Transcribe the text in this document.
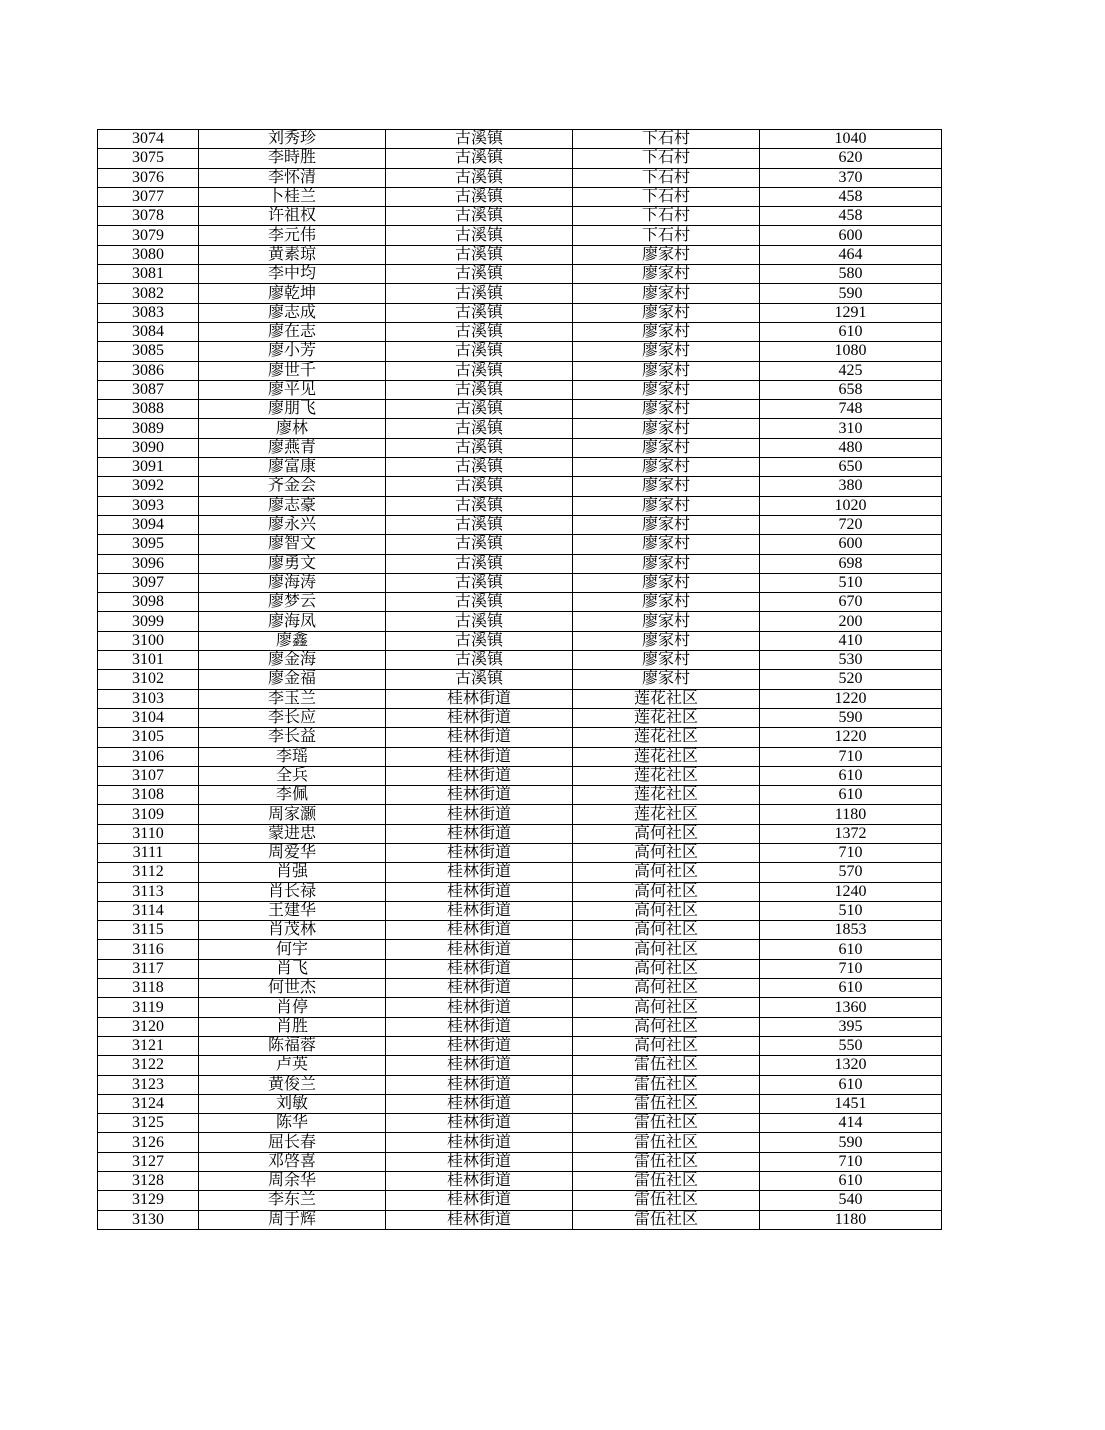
3074	刘秀珍	古溪镇	下石村	1040
3075	李時胜	古溪镇	下石村	620
3076	李怀清	古溪镇	下石村	370
3077	卜桂兰	古溪镇	下石村	458
3078	许祖权	古溪镇	下石村	458
3079	李元伟	古溪镇	下石村	600
3080	黄素琼	古溪镇	廖家村	464
3081	李中均	古溪镇	廖家村	580
3082	廖乾坤	古溪镇	廖家村	590
3083	廖志成	古溪镇	廖家村	1291
3084	廖在志	古溪镇	廖家村	610
3085	廖小芳	古溪镇	廖家村	1080
3086	廖世千	古溪镇	廖家村	425
3087	廖平见	古溪镇	廖家村	658
3088	廖朋飞	古溪镇	廖家村	748
3089	廖林	古溪镇	廖家村	310
3090	廖燕青	古溪镇	廖家村	480
3091	廖富康	古溪镇	廖家村	650
3092	齐金会	古溪镇	廖家村	380
3093	廖志豪	古溪镇	廖家村	1020
3094	廖永兴	古溪镇	廖家村	720
3095	廖智文	古溪镇	廖家村	600
3096	廖勇文	古溪镇	廖家村	698
3097	廖海涛	古溪镇	廖家村	510
3098	廖梦云	古溪镇	廖家村	670
3099	廖海凤	古溪镇	廖家村	200
3100	廖鑫	古溪镇	廖家村	410
3101	廖金海	古溪镇	廖家村	530
3102	廖金福	古溪镇	廖家村	520
3103	李玉兰	桂林街道	莲花社区	1220
3104	李长应	桂林街道	莲花社区	590
3105	李长益	桂林街道	莲花社区	1220
3106	李瑶	桂林街道	莲花社区	710
3107	全兵	桂林街道	莲花社区	610
3108	李佩	桂林街道	莲花社区	610
3109	周家灏	桂林街道	莲花社区	1180
3110	蒙进忠	桂林街道	高何社区	1372
3111	周爱华	桂林街道	高何社区	710
3112	肖强	桂林街道	高何社区	570
3113	肖长禄	桂林街道	高何社区	1240
3114	王建华	桂林街道	高何社区	510
3115	肖茂林	桂林街道	高何社区	1853
3116	何宇	桂林街道	高何社区	610
3117	肖飞	桂林街道	高何社区	710
3118	何世杰	桂林街道	高何社区	610
3119	肖停	桂林街道	高何社区	1360
3120	肖胜	桂林街道	高何社区	395
3121	陈福蓉	桂林街道	高何社区	550
3122	卢英	桂林街道	雷伍社区	1320
3123	黄俊兰	桂林街道	雷伍社区	610
3124	刘敏	桂林街道	雷伍社区	1451
3125	陈华	桂林街道	雷伍社区	414
3126	屈长春	桂林街道	雷伍社区	590
3127	邓啓喜	桂林街道	雷伍社区	710
3128	周余华	桂林街道	雷伍社区	610
3129	李东兰	桂林街道	雷伍社区	540
3130	周于辉	桂林街道	雷伍社区	1180
